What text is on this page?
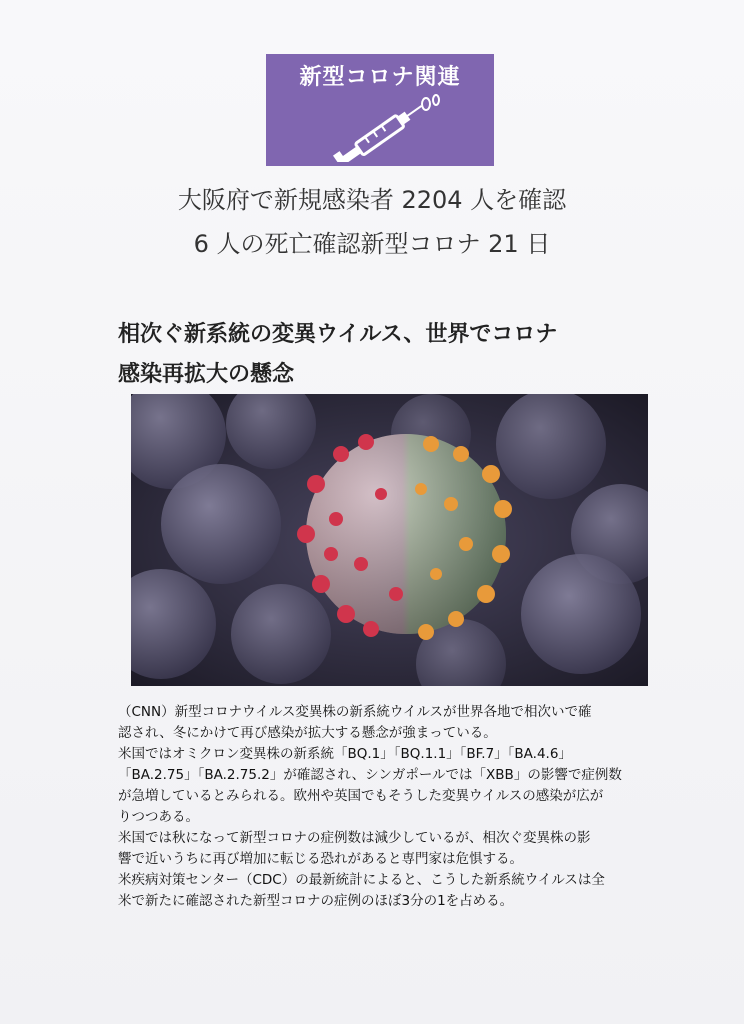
新型コロナ関連
大阪府で新規感染者 2204 人を確認
6 人の死亡確認新型コロナ 21 日
相次ぐ新系統の変異ウイルス、世界でコロナ
感染再拡大の懸念

（CNN）新型コロナウイルス変異株の新系統ウイルスが世界各地で相次いで確

認され、冬にかけて再び感染が拡大する懸念が強まっている。

米国ではオミクロン変異株の新系統「BQ.1」「BQ.1.1」「BF.7」「BA.4.6」

「BA.2.75」「BA.2.75.2」が確認され、シンガポールでは「XBB」の影響で症例数

が急増しているとみられる。欧州や英国でもそうした変異ウイルスの感染が広が

りつつある。

米国では秋になって新型コロナの症例数は減少しているが、相次ぐ変異株の影

響で近いうちに再び増加に転じる恐れがあると専門家は危惧する。

米疾病対策センター（CDC）の最新統計によると、こうした新系統ウイルスは全

米で新たに確認された新型コロナの症例のほぼ3分の1を占める。
